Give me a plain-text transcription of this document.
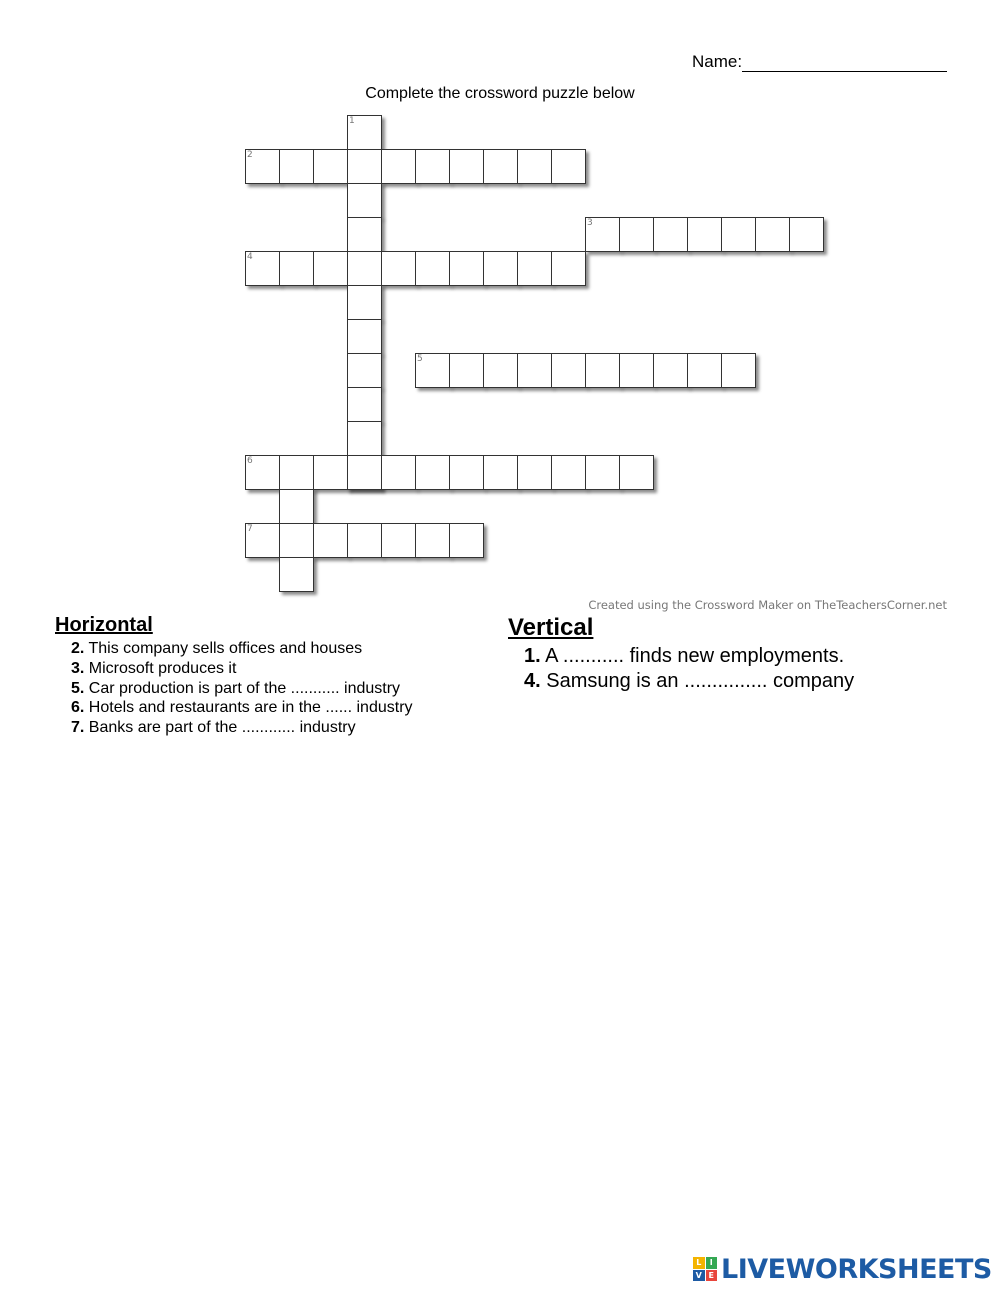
Name:
Complete the crossword puzzle below
1
2
3
4
5
6
7
Created using the Crossword Maker on TheTeachersCorner.net
Horizontal
2. This company sells offices and houses
3. Microsoft produces it
5. Car production is part of the ........... industry
6. Hotels and restaurants are in the ...... industry
7. Banks are part of the ............ industry
Vertical
1. A ........... finds new employments.
4. Samsung is an ............... company
L	I
V E LIVEWORKSHEETS
